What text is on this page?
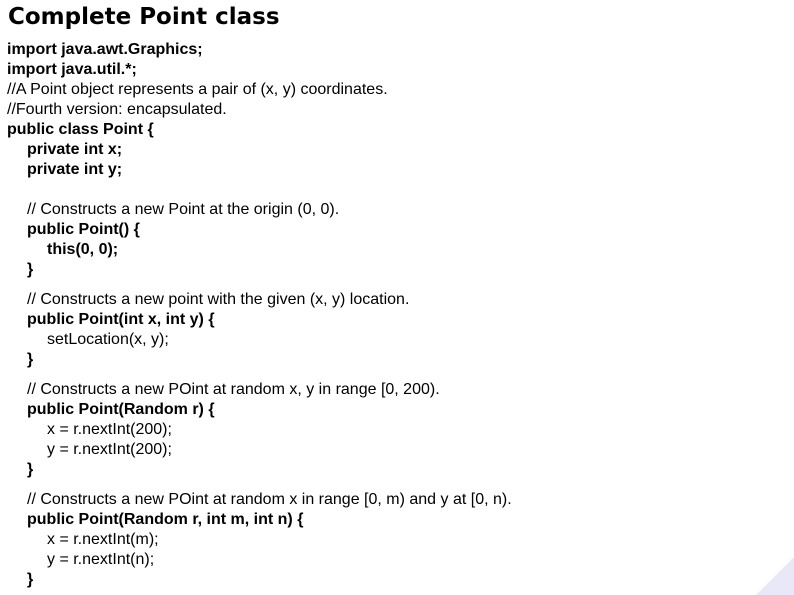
Complete Point class
import java.awt.Graphics;
import java.util.*;
//A Point object represents a pair of (x, y) coordinates.
//Fourth version: encapsulated.
public class Point {
private int x;
private int y;
// Constructs a new Point at the origin (0, 0).
public Point() {
this(0, 0);
}
// Constructs a new point with the given (x, y) location.
public Point(int x, int y) {
setLocation(x, y);
}
// Constructs a new POint at random x, y in range [0, 200).
public Point(Random r) {
x = r.nextInt(200);
y = r.nextInt(200);
}
// Constructs a new POint at random x in range [0, m) and y at [0, n).
public Point(Random r, int m, int n) {
x = r.nextInt(m);
y = r.nextInt(n);
}
